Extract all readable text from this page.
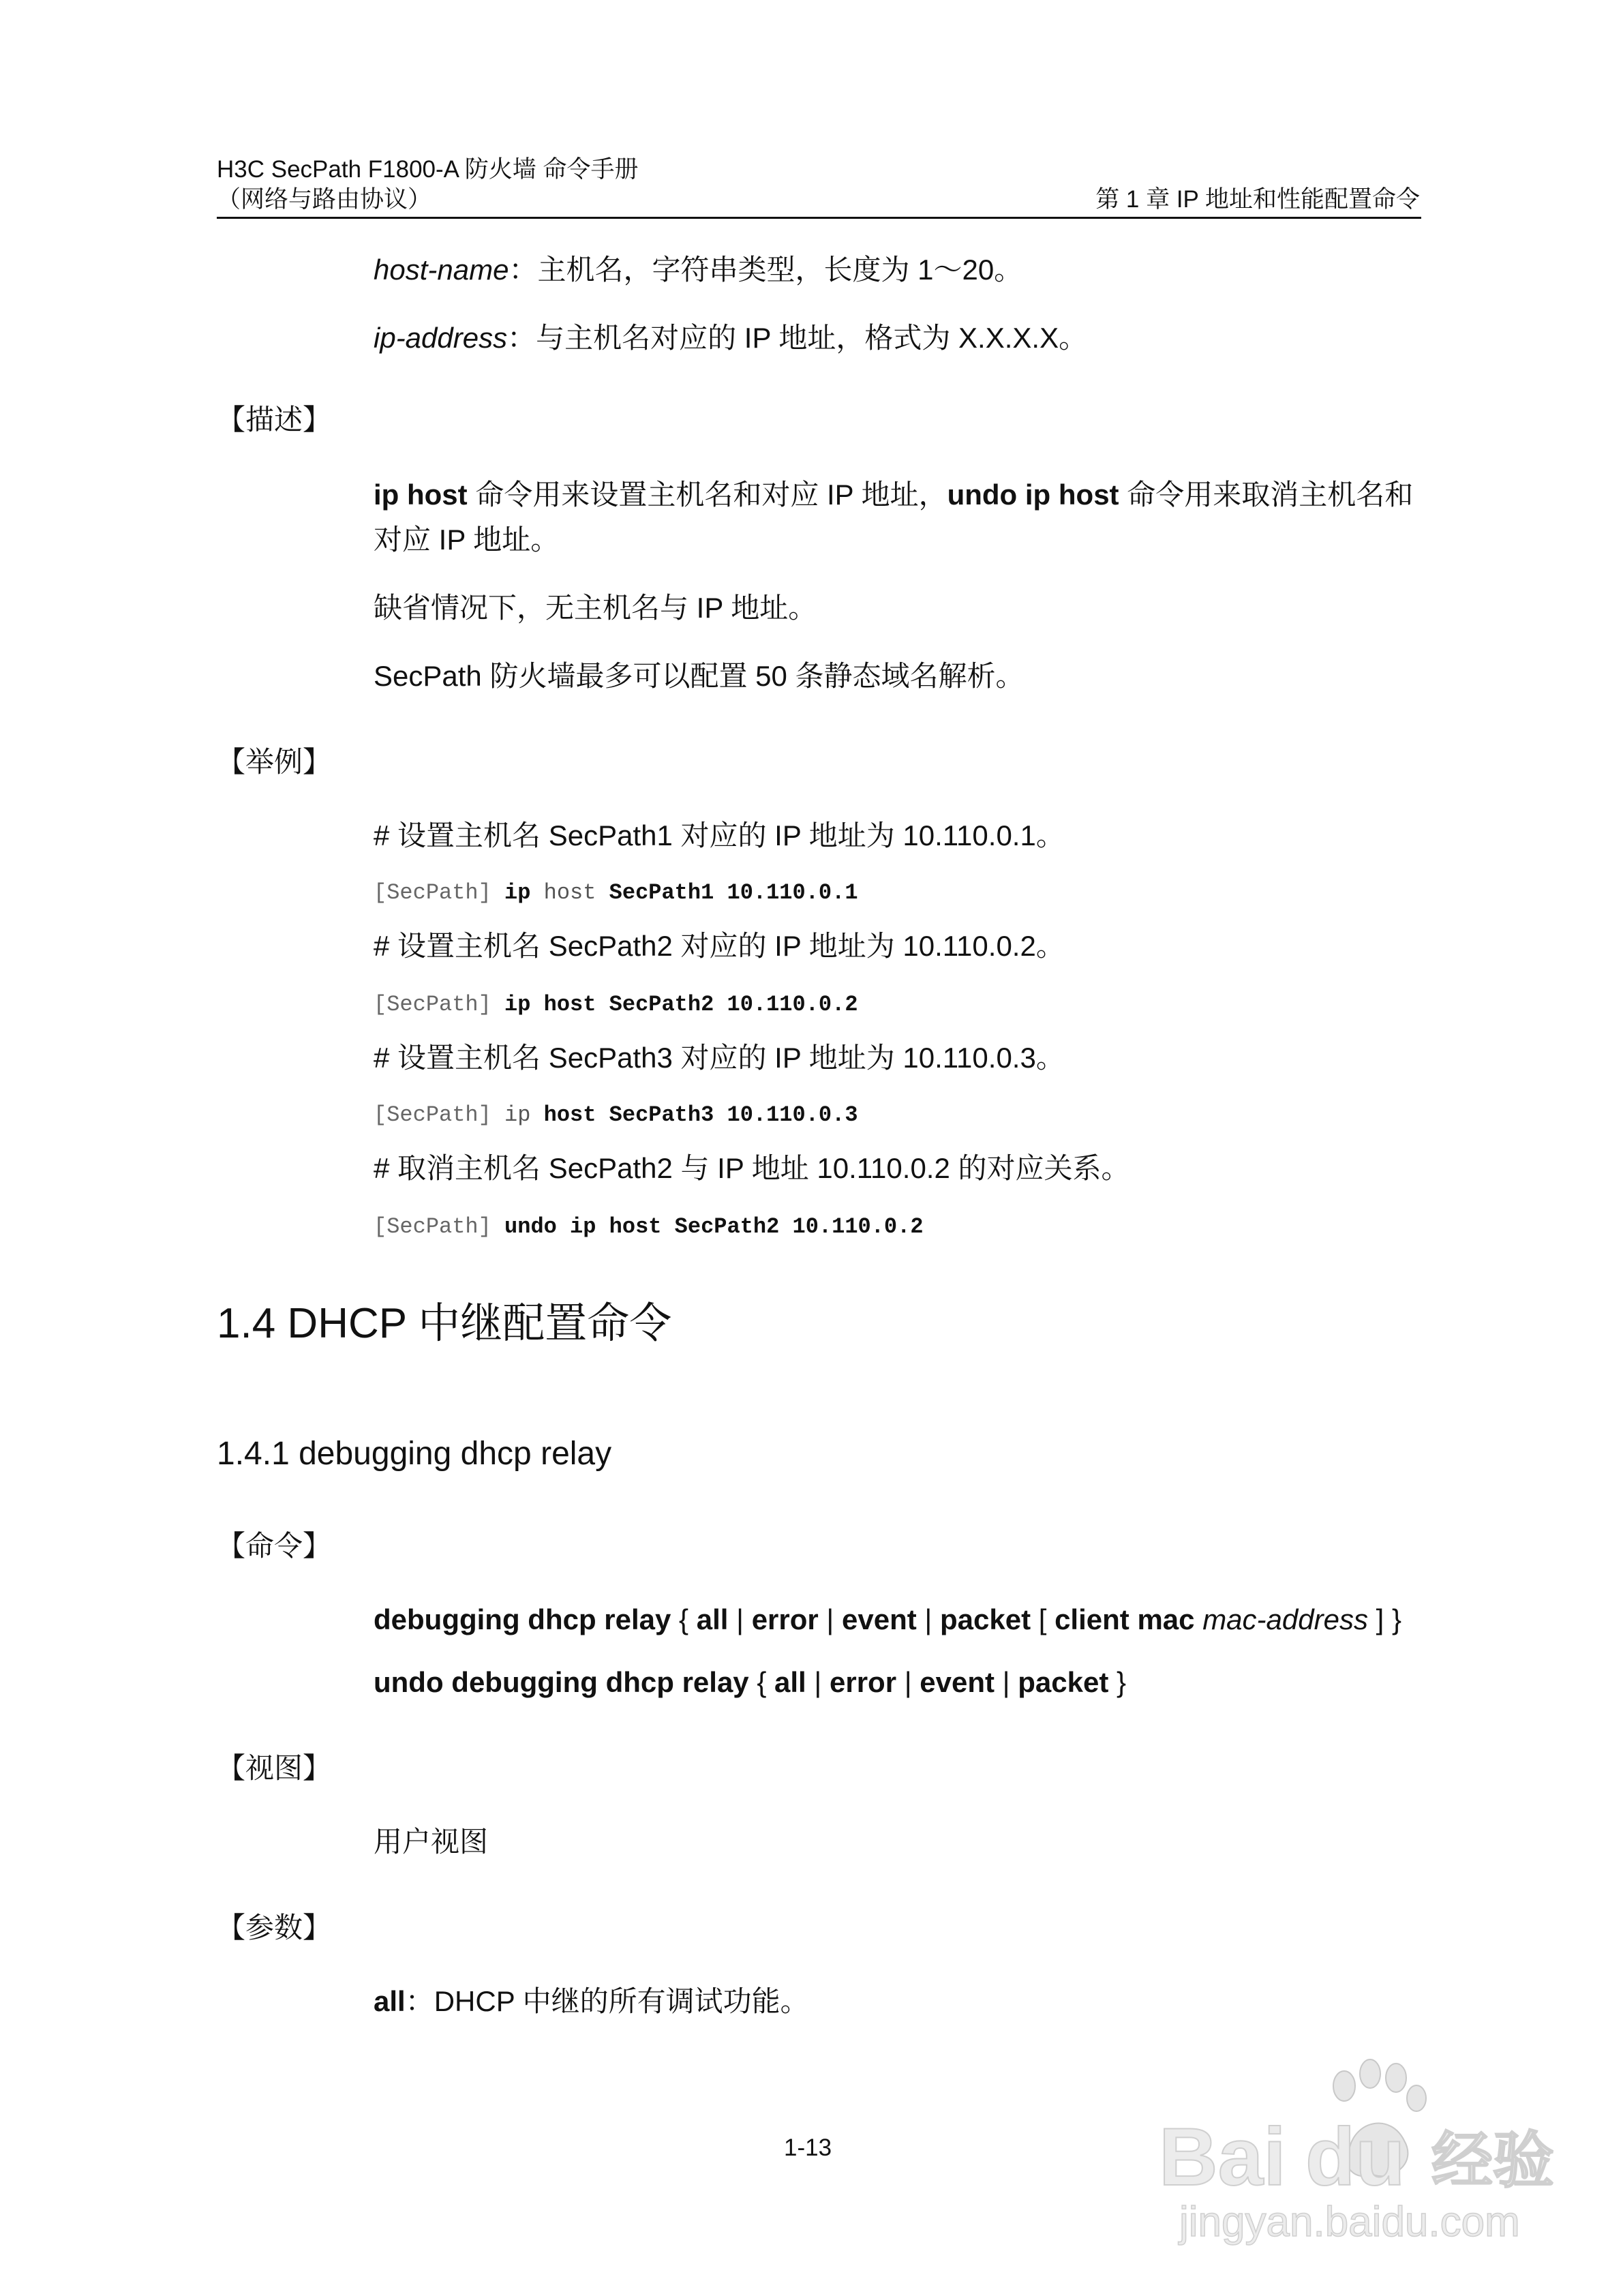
H3C SecPath F1800-A 防火墙 命令手册
（网络与路由协议）	第 1 章 IP 地址和性能配置命令
host-name：主机名，字符串类型，长度为 1～20。
ip-address：与主机名对应的 IP 地址，格式为 X.X.X.X。
【描述】
ip host 命令用来设置主机名和对应 IP 地址，undo ip host 命令用来取消主机名和
对应 IP 地址。
缺省情况下，无主机名与 IP 地址。
SecPath 防火墙最多可以配置 50 条静态域名解析。
【举例】
# 设置主机名 SecPath1 对应的 IP 地址为 10.110.0.1。
[SecPath] ip host SecPath1 10.110.0.1
# 设置主机名 SecPath2 对应的 IP 地址为 10.110.0.2。
[SecPath] ip host SecPath2 10.110.0.2
# 设置主机名 SecPath3 对应的 IP 地址为 10.110.0.3。
[SecPath] ip host SecPath3 10.110.0.3
# 取消主机名 SecPath2 与 IP 地址 10.110.0.2 的对应关系。
[SecPath] undo ip host SecPath2 10.110.0.2
1.4 DHCP 中继配置命令
1.4.1 debugging dhcp relay
【命令】
debugging dhcp relay { all | error | event | packet [ client mac mac-address ] }
undo debugging dhcp relay { all | error | event | packet }
【视图】
用户视图
【参数】
all：DHCP 中继的所有调试功能。
1-13	Bai du 经验
jingyan.baidu.com
